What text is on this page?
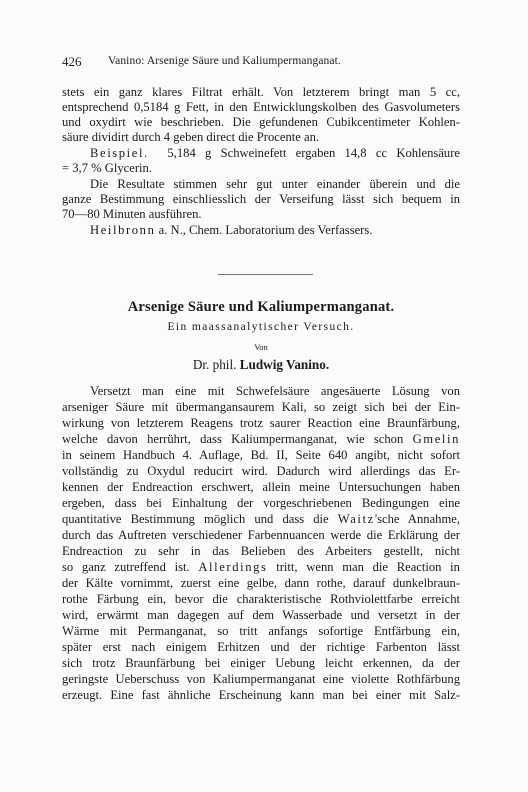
426 Vanino: Arsenige Säure und Kaliumpermanganat.
stets ein ganz klares Filtrat erhält. Von letzterem bringt man 5 cc,
entsprechend 0,5184 g Fett, in den Entwicklungskolben des Gasvolumeters
und oxydirt wie beschrieben. Die gefundenen Cubikcentimeter Kohlen-
säure dividirt durch 4 geben direct die Procente an.
Beispiel. 5,184 g Schweinefett ergaben 14,8 cc Kohlensäure
= 3,7 % Glycerin.
Die Resultate stimmen sehr gut unter einander überein und die
ganze Bestimmung einschliesslich der Verseifung lässt sich bequem in
70—80 Minuten ausführen.
Heilbronn a. N., Chem. Laboratorium des Verfassers.
Arsenige Säure und Kaliumpermanganat.
Ein maassanalytischer Versuch.
Von
Dr. phil. Ludwig Vanino.
Versetzt man eine mit Schwefelsäure angesäuerte Lösung von
arseniger Säure mit übermangansaurem Kali, so zeigt sich bei der Ein-
wirkung von letzterem Reagens trotz saurer Reaction eine Braunfärbung,
welche davon herrührt, dass Kaliumpermanganat, wie schon Gmelin
in seinem Handbuch 4. Auflage, Bd. II, Seite 640 angibt, nicht sofort
vollständig zu Oxydul reducirt wird. Dadurch wird allerdings das Er-
kennen der Endreaction erschwert, allein meine Untersuchungen haben
ergeben, dass bei Einhaltung der vorgeschriebenen Bedingungen eine
quantitative Bestimmung möglich und dass die Waitz'sche Annahme,
durch das Auftreten verschiedener Farbennuancen werde die Erklärung der
Endreaction zu sehr in das Belieben des Arbeiters gestellt, nicht
so ganz zutreffend ist. Allerdings tritt, wenn man die Reaction in
der Kälte vornimmt, zuerst eine gelbe, dann rothe, darauf dunkelbraun-
rothe Färbung ein, bevor die charakteristische Rothviolettfarbe erreicht
wird, erwärmt man dagegen auf dem Wasserbade und versetzt in der
Wärme mit Permanganat, so tritt anfangs sofortige Entfärbung ein,
später erst nach einigem Erhitzen und der richtige Farbenton lässt
sich trotz Braunfärbung bei einiger Uebung leicht erkennen, da der
geringste Ueberschuss von Kaliumpermanganat eine violette Rothfärbung
erzeugt. Eine fast ähnliche Erscheinung kann man bei einer mit Salz-
